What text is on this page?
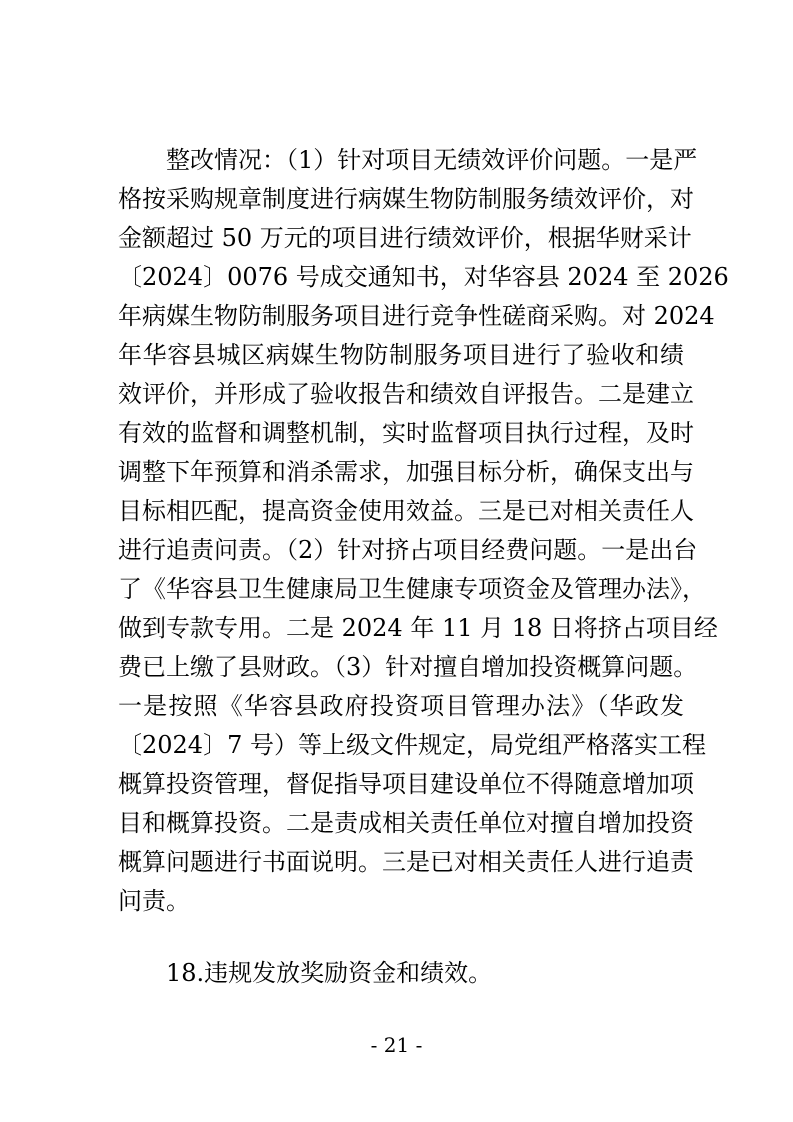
整改情况：（1）针对项目无绩效评价问题。一是严
格按采购规章制度进行病媒生物防制服务绩效评价，对
金额超过 50 万元的项目进行绩效评价，根据华财采计
〔2024〕0076 号成交通知书，对华容县 2024 至 2026
年病媒生物防制服务项目进行竞争性磋商采购。对 2024
年华容县城区病媒生物防制服务项目进行了验收和绩
效评价，并形成了验收报告和绩效自评报告。二是建立
有效的监督和调整机制，实时监督项目执行过程，及时
调整下年预算和消杀需求，加强目标分析，确保支出与
目标相匹配，提高资金使用效益。三是已对相关责任人
进行追责问责。（2）针对挤占项目经费问题。一是出台
了《华容县卫生健康局卫生健康专项资金及管理办法》，
做到专款专用。二是 2024 年 11 月 18 日将挤占项目经
费已上缴了县财政。（3）针对擅自增加投资概算问题。
一是按照《华容县政府投资项目管理办法》（华政发
〔2024〕7 号）等上级文件规定，局党组严格落实工程
概算投资管理，督促指导项目建设单位不得随意增加项
目和概算投资。二是责成相关责任单位对擅自增加投资
概算问题进行书面说明。三是已对相关责任人进行追责
问责。
18.违规发放奖励资金和绩效。
- 21 -
